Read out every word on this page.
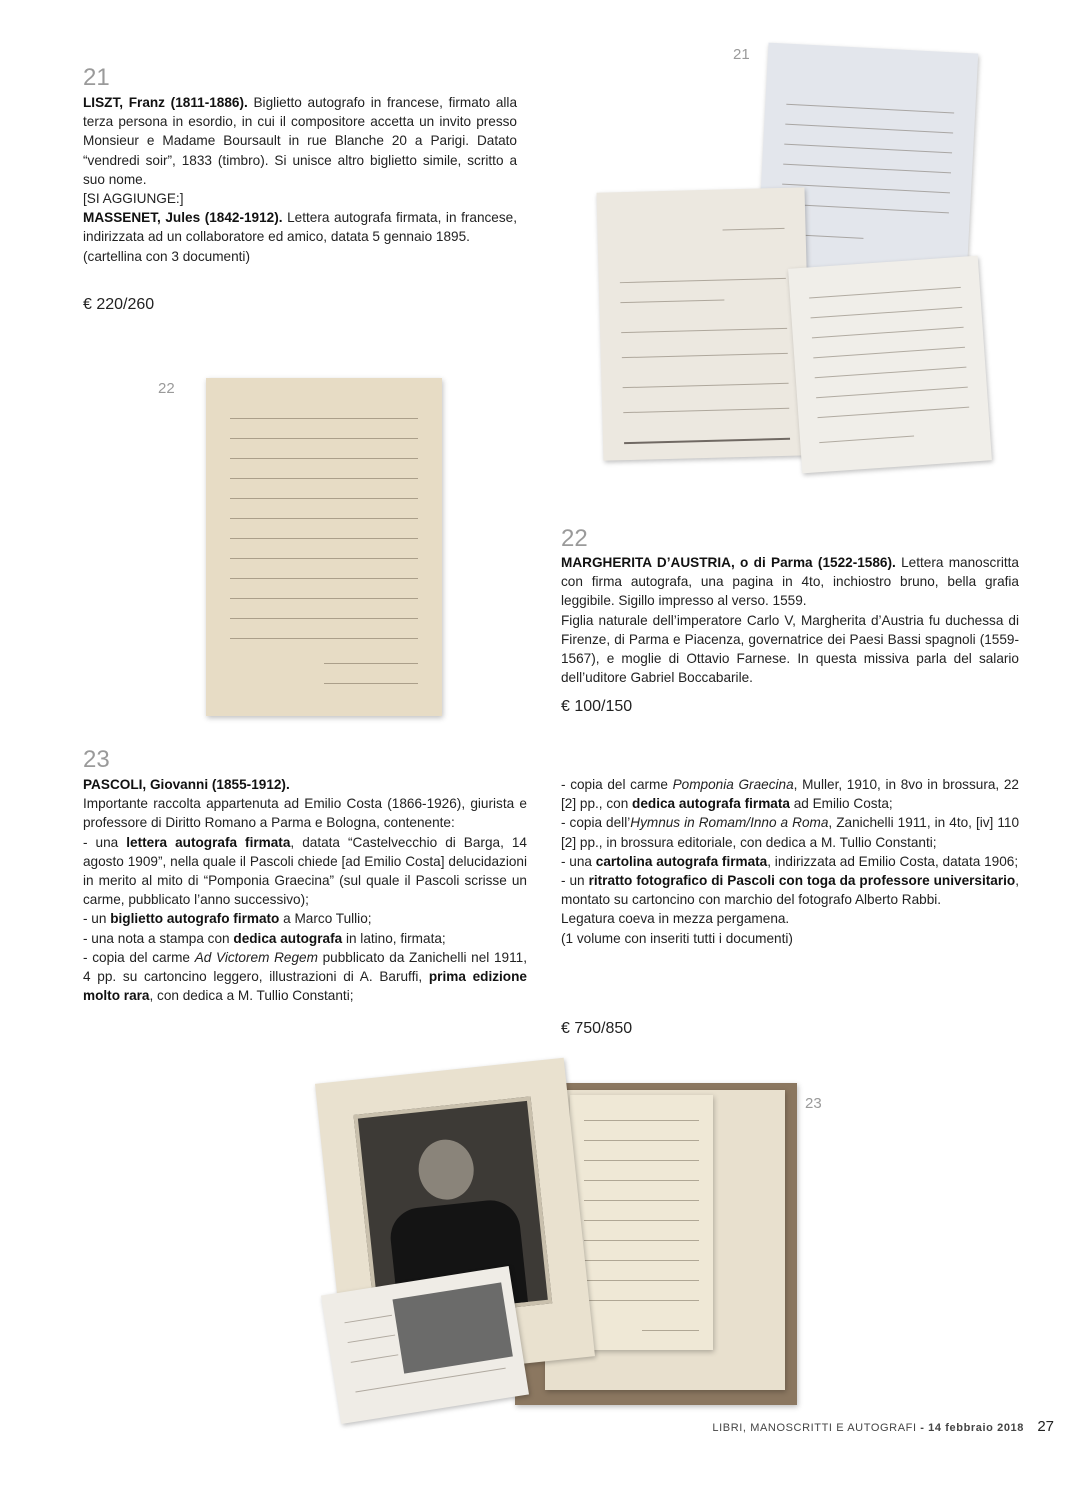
21

LISZT, Franz (1811-1886). Biglietto autografo in francese, firmato alla terza persona in esordio, in cui il compositore accetta un invito presso Monsieur e Madame Boursault in rue Blanche 20 a Parigi. Datato “vendredi soir”, 1833 (timbro). Si unisce altro biglietto simile, scritto a suo nome.

[SI AGGIUNGE:]

MASSENET, Jules (1842-1912). Lettera autografa firmata, in francese, indirizzata ad un collaboratore ed amico, datata 5 gennaio 1895.

(cartellina con 3 documenti)

€ 220/260
21
22
22

MARGHERITA D’AUSTRIA, o di Parma (1522-1586). Lettera manoscritta con firma autografa, una pagina in 4to, inchiostro bruno, bella grafia leggibile. Sigillo impresso al verso. 1559.

Figlia naturale dell’imperatore Carlo V, Margherita d’Austria fu duchessa di Firenze, di Parma e Piacenza, governatrice dei Paesi Bassi spagnoli (1559-1567), e moglie di Ottavio Farnese. In questa missiva parla del salario dell’uditore Gabriel Boccabarile.

€ 100/150
23

PASCOLI, Giovanni (1855-1912).

Importante raccolta appartenuta ad Emilio Costa (1866-1926), giurista e professore di Diritto Romano a Parma e Bologna, contenente:

- una lettera autografa firmata, datata “Castelvecchio di Barga, 14 agosto 1909”, nella quale il Pascoli chiede [ad Emilio Costa] delucidazioni in merito al mito di “Pomponia Graecina” (sul quale il Pascoli scrisse un carme, pubblicato l’anno successivo);

- un biglietto autografo firmato a Marco Tullio;

- una nota a stampa con dedica autografa in latino, firmata;

- copia del carme Ad Victorem Regem pubblicato da Zanichelli nel 1911, 4 pp. su cartoncino leggero, illustrazioni di A. Baruffi, prima edizione molto rara, con dedica a M. Tullio Constanti;

- copia del carme Pomponia Graecina, Muller, 1910, in 8vo in brossura, 22 [2] pp., con dedica autografa firmata ad Emilio Costa;

- copia dell’Hymnus in Romam/Inno a Roma, Zanichelli 1911, in 4to, [iv] 110 [2] pp., in brossura editoriale, con dedica a M. Tullio Constanti;

- una cartolina autografa firmata, indirizzata ad Emilio Costa, datata 1906;

- un ritratto fotografico di Pascoli con toga da professore universitario, montato su cartoncino con marchio del fotografo Alberto Rabbi.

Legatura coeva in mezza pergamena.

(1 volume con inseriti tutti i documenti)

€ 750/850
23
LIBRI, MANOSCRITTI E AUTOGRAFI - 14 febbraio 2018 27
